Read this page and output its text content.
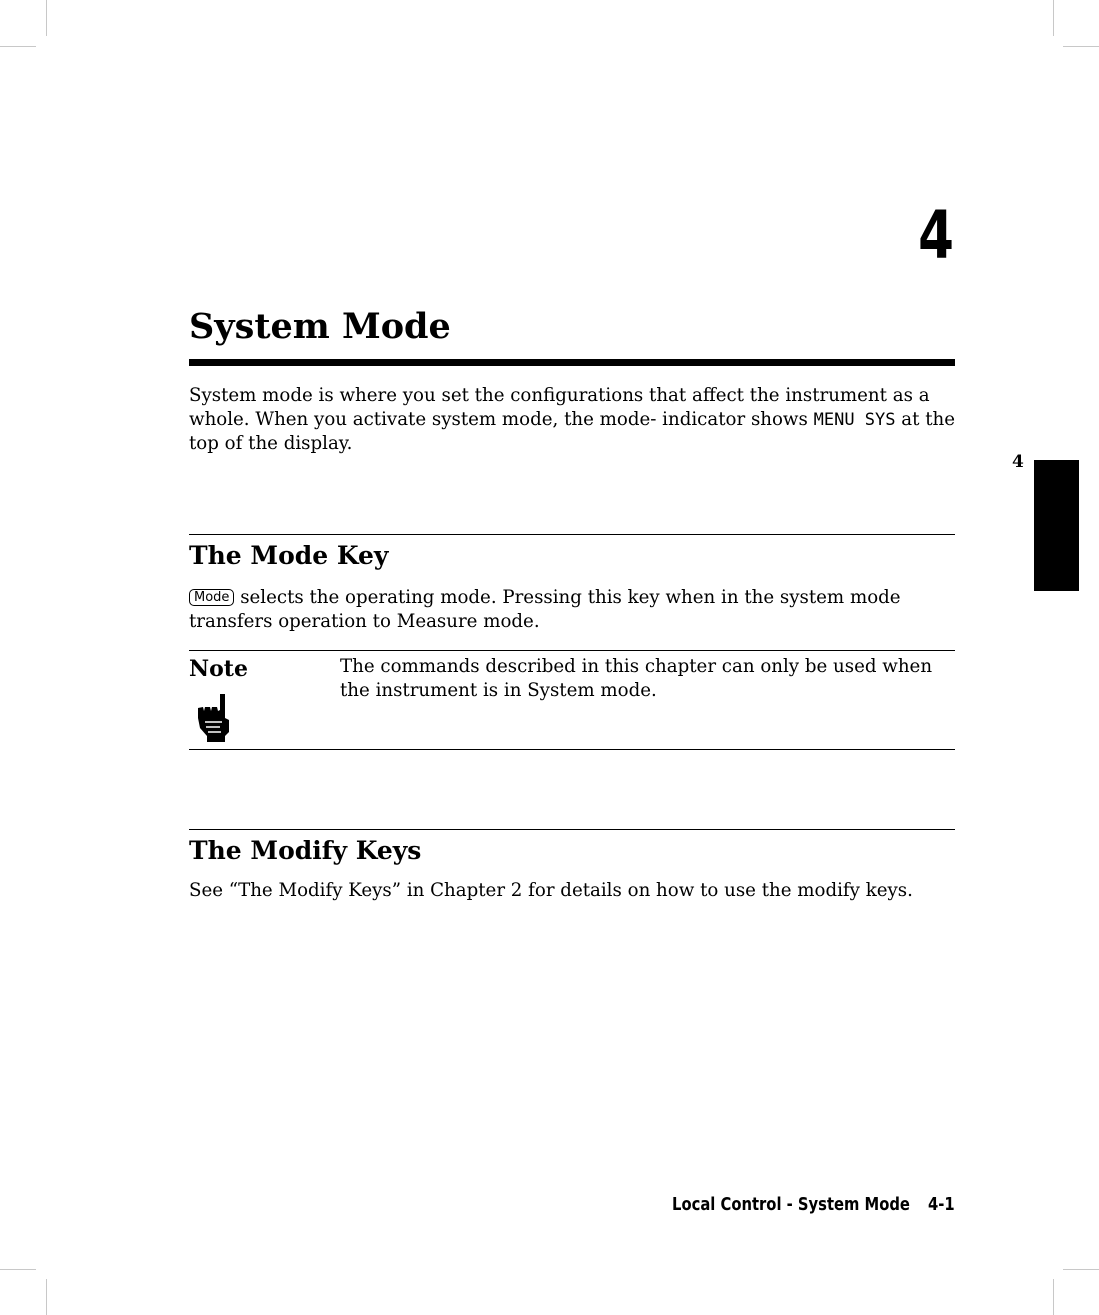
4
System Mode

System mode is where you set the configurations that affect the instrument as a whole. When you activate system mode, the mode- indicator shows MENU SYS at the top of the display.

4
The Mode Key

Mode selects the operating mode. Pressing this key when in the system mode transfers operation to Measure mode.

Note	The commands described in this chapter can only be used when the instrument is in System mode.

The Modify Keys

See “The Modify Keys” in Chapter 2 for details on how to use the modify keys.

Local Control - System Mode 4-1
